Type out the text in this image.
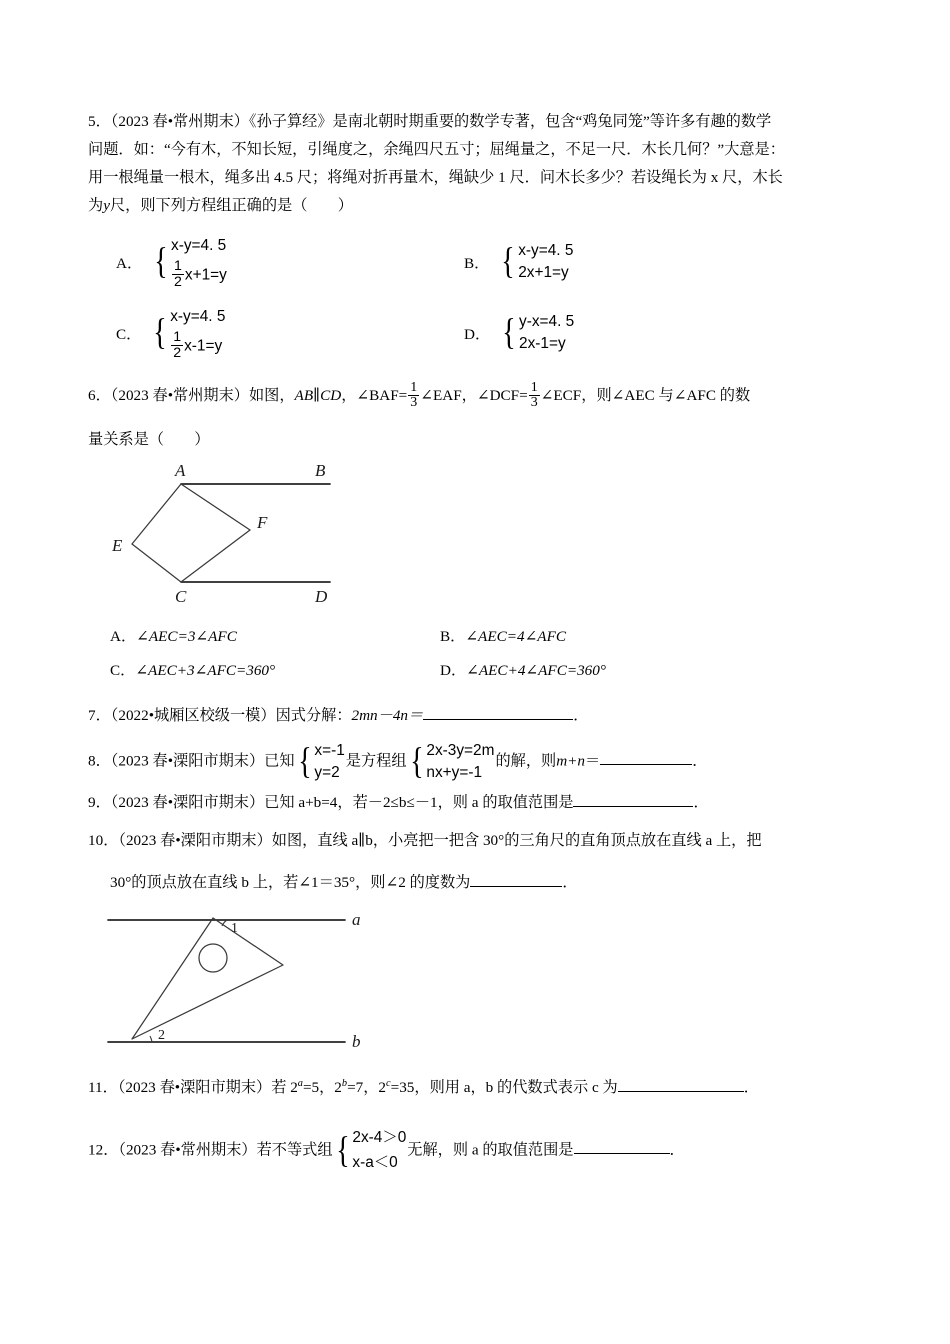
5．（2023 春•常州期末）《孙子算经》是南北朝时期重要的数学专著，包含“鸡兔同笼”等许多有趣的数学
问题．如：“今有木，不知长短，引绳度之，余绳四尺五寸；屈绳量之，不足一尺．木长几何？”大意是：
用一根绳量一根木，绳多出 4.5 尺；将绳对折再量木，绳缺少 1 尺．问木长多少？若设绳长为 x 尺，木长
为y尺，则下列方程组正确的是（　　）
A． { x-y=4. 5
$\frac{1}{2} x+1=y$
B． { x-y=4. 5
2x+1=y
C． { x-y=4. 5
$\frac{1}{2} x-1=y$
D． { y-x=4. 5
2x-1=y
6．（2023 春•常州期末）如图，AB∥CD，∠BAF= $\frac{1}{3}$ ∠EAF，∠DCF= $\frac{1}{3}$ ∠ECF，则∠AEC 与∠AFC 的数
量关系是（　　）
A	B
E
F
C	D
A．∠AEC=3∠AFC	B．∠AEC=4∠AFC
C．∠AEC+3∠AFC=360°	D．∠AEC+4∠AFC=360°
7．（2022•城厢区校级一模）因式分解：2mn－4n＝	．
8．（2023 春•溧阳市期末）已知 { x=-1
y=2
是方程组 { 2x-3y=2m
nx+y=-1
的解，则m+n＝	．
9．（2023 春•溧阳市期末）已知 a+b=4，若－2≤b≤－1，则 a 的取值范围是	．
10．（2023 春•溧阳市期末）如图，直线 a∥b，小亮把一把含 30°的三角尺的直角顶点放在直线 a 上，把
30°的顶点放在直线 b 上，若∠1＝35°，则∠2 的度数为	．
1
2
a
b
11．（2023 春•溧阳市期末）若 $2^a=5$，$2^b=7$，$2^c=35$，则用 a，b 的代数式表示 c 为	．
12．（2023 春•常州期末）若不等式组 { 2x-4＞0
x-a＜0
无解，则 a 的取值范围是	．
